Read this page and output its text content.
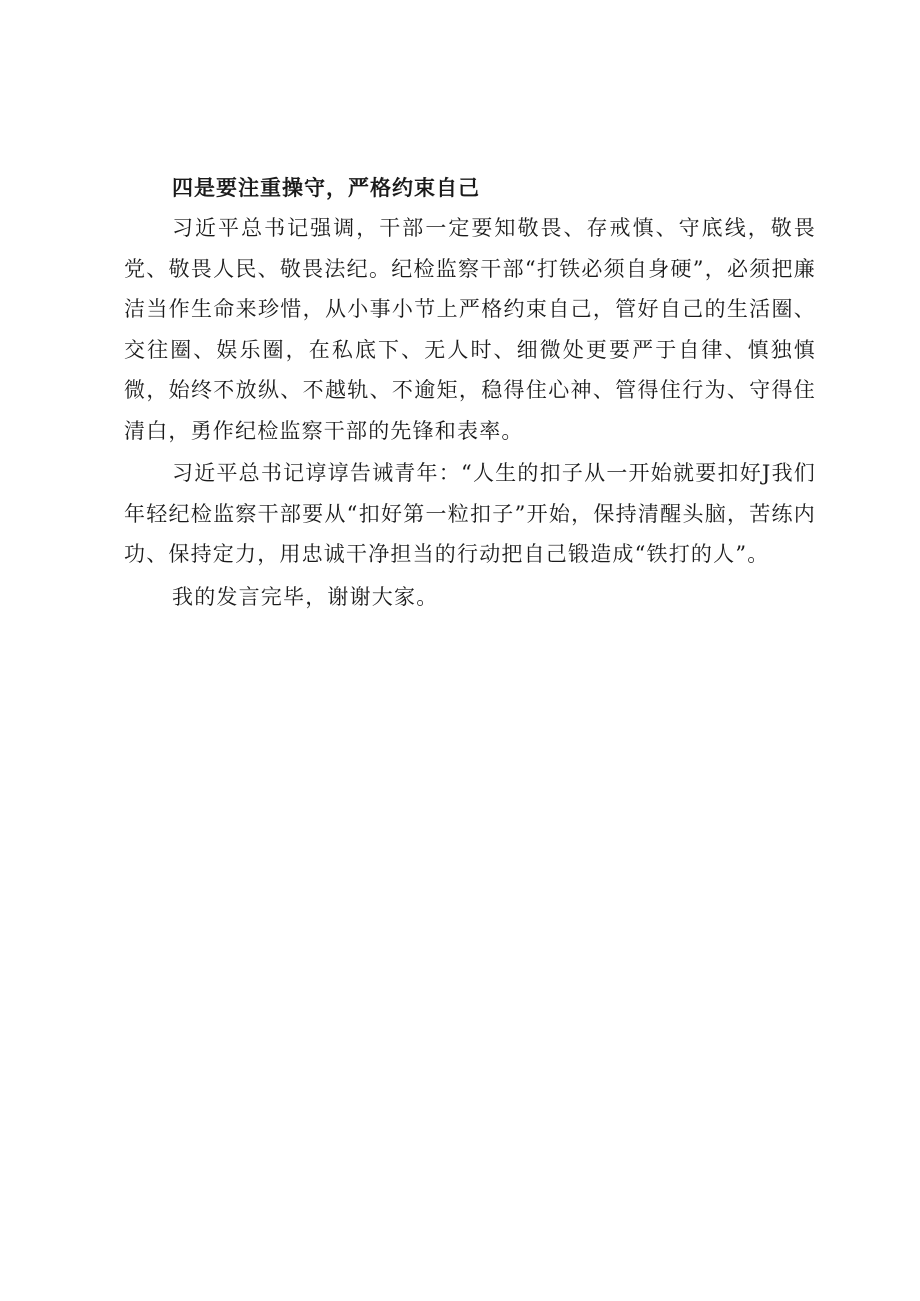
四是要注重操守，严格约束自己

习近平总书记强调，干部一定要知敬畏、存戒慎、守底线，敬畏党、敬畏人民、敬畏法纪。纪检监察干部“打铁必须自身硬”，必须把廉洁当作生命来珍惜，从小事小节上严格约束自己，管好自己的生活圈、交往圈、娱乐圈，在私底下、无人时、细微处更要严于自律、慎独慎微，始终不放纵、不越轨、不逾矩，稳得住心神、管得住行为、守得住清白，勇作纪检监察干部的先锋和表率。

习近平总书记谆谆告诫青年：“人生的扣子从一开始就要扣好J我们年轻纪检监察干部要从“扣好第一粒扣子”开始，保持清醒头脑，苦练内功、保持定力，用忠诚干净担当的行动把自己锻造成“铁打的人”。

我的发言完毕，谢谢大家。
